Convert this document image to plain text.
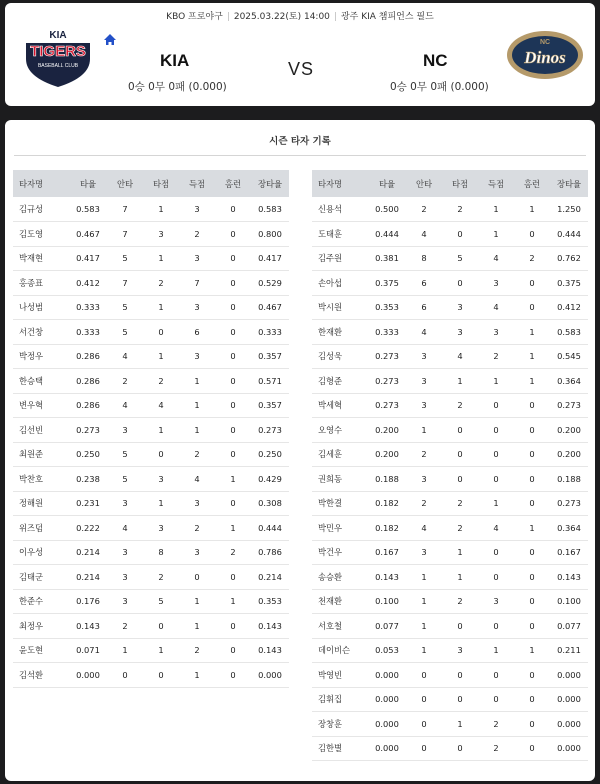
KBO 프로야구 | 2025.03.22(토) 14:00 | 광주 KIA 챔피언스 필드
KIA
TIGERS
BASEBALL CLUB	KIA
0승 0무 0패 (0.000)
VS	NC
0승 0무 0패 (0.000)
NC
Dinos
시즌 타자 기록
타자명	타율	안타	타점	득점	홈런	장타율
김규성	0.583	7	1	3	0	0.583
김도영	0.467	7	3	2	0	0.800
박재현	0.417	5	1	3	0	0.417
홍종표	0.412	7	2	7	0	0.529
나성범	0.333	5	1	3	0	0.467
서건창	0.333	5	0	6	0	0.333
박정우	0.286	4	1	3	0	0.357
한승택	0.286	2	2	1	0	0.571
변우혁	0.286	4	4	1	0	0.357
김선빈	0.273	3	1	1	0	0.273
최원준	0.250	5	0	2	0	0.250
박찬호	0.238	5	3	4	1	0.429
정해원	0.231	3	1	3	0	0.308
위즈덤	0.222	4	3	2	1	0.444
이우성	0.214	3	8	3	2	0.786
김태군	0.214	3	2	0	0	0.214
한준수	0.176	3	5	1	1	0.353
최정우	0.143	2	0	1	0	0.143
윤도현	0.071	1	1	2	0	0.143
김석환	0.000	0	0	1	0	0.000
타자명	타율	안타	타점	득점	홈런	장타율
신용석	0.500	2	2	1	1	1.250
도태훈	0.444	4	0	1	0	0.444
김주원	0.381	8	5	4	2	0.762
손아섭	0.375	6	0	3	0	0.375
박시원	0.353	6	3	4	0	0.412
한재환	0.333	4	3	3	1	0.583
김성욱	0.273	3	4	2	1	0.545
김형준	0.273	3	1	1	1	0.364
박세혁	0.273	3	2	0	0	0.273
오영수	0.200	1	0	0	0	0.200
김세훈	0.200	2	0	0	0	0.200
권희동	0.188	3	0	0	0	0.188
박한결	0.182	2	2	1	0	0.273
박민우	0.182	4	2	4	1	0.364
박건우	0.167	3	1	0	0	0.167
송승환	0.143	1	1	0	0	0.143
천재환	0.100	1	2	3	0	0.100
서호철	0.077	1	0	0	0	0.077
데이비슨	0.053	1	3	1	1	0.211
박영빈	0.000	0	0	0	0	0.000
김휘집	0.000	0	0	0	0	0.000
장창훈	0.000	0	1	2	0	0.000
김한별	0.000	0	0	2	0	0.000
